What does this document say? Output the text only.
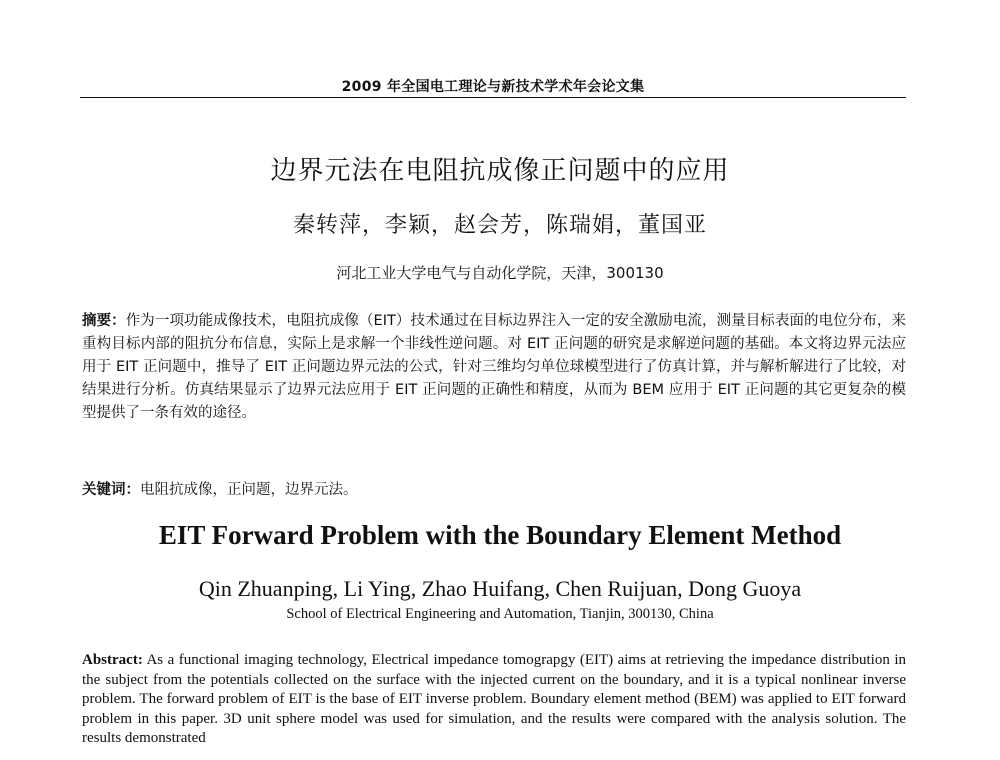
2009 年全国电工理论与新技术学术年会论文集
边界元法在电阻抗成像正问题中的应用
秦转萍，李颖，赵会芳，陈瑞娟，董国亚
河北工业大学电气与自动化学院，天津，300130

摘要：作为一项功能成像技术，电阻抗成像（EIT）技术通过在目标边界注入一定的安全激励电流，测量目标表面的电位分布，来重构目标内部的阻抗分布信息，实际上是求解一个非线性逆问题。对 EIT 正问题的研究是求解逆问题的基础。本文将边界元法应用于 EIT 正问题中，推导了 EIT 正问题边界元法的公式，针对三维均匀单位球模型进行了仿真计算，并与解析解进行了比较，对结果进行分析。仿真结果显示了边界元法应用于 EIT 正问题的正确性和精度，从而为 BEM 应用于 EIT 正问题的其它更复杂的模型提供了一条有效的途径。

关键词：电阻抗成像，正问题，边界元法。

EIT Forward Problem with the Boundary Element Method
Qin Zhuanping, Li Ying, Zhao Huifang, Chen Ruijuan, Dong Guoya
School of Electrical Engineering and Automation, Tianjin, 300130, China

Abstract: As a functional imaging technology, Electrical impedance tomograpgy (EIT) aims at retrieving the impedance distribution in the subject from the potentials collected on the surface with the injected current on the boundary, and it is a typical nonlinear inverse problem. The forward problem of EIT is the base of EIT inverse problem. Boundary element method (BEM) was applied to EIT forward problem in this paper. 3D unit sphere model was used for simulation, and the results were compared with the analysis solution. The results demonstrated
